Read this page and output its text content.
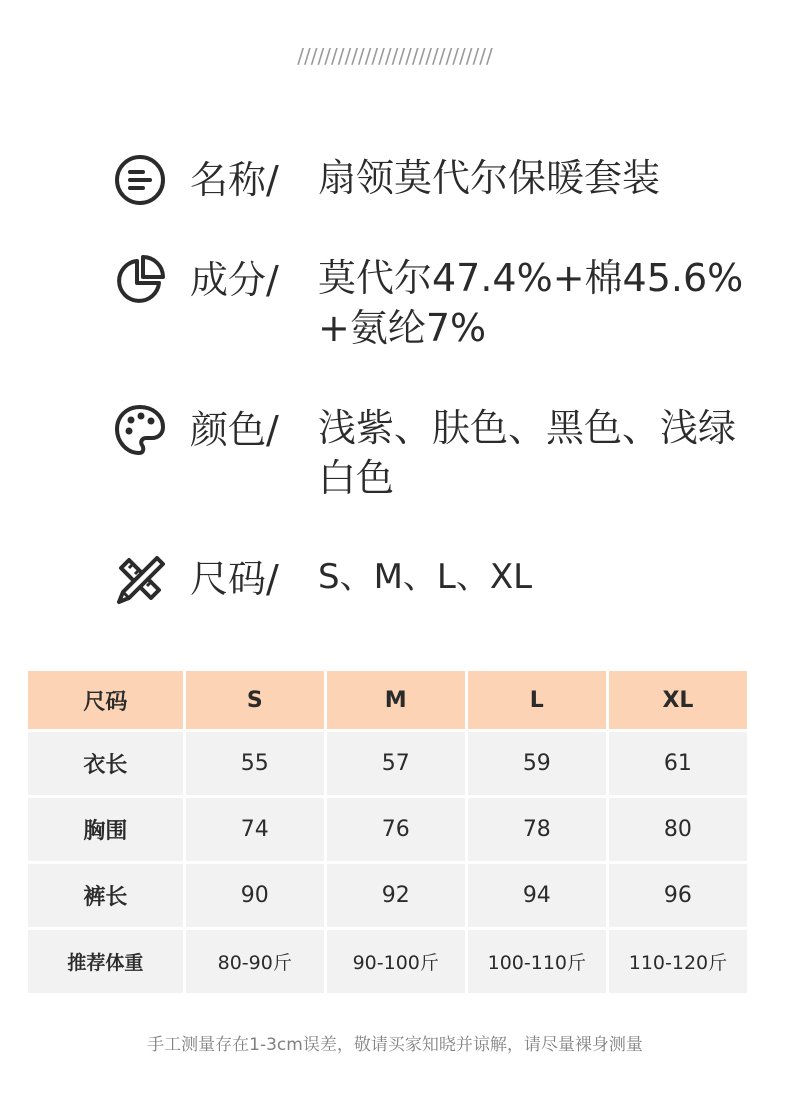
/////////////////////////////
名称/ 扇领莫代尔保暖套装
成分/ 莫代尔47.4%+棉45.6%
+氨纶7%
颜色/ 浅紫、肤色、黑色、浅绿
白色
尺码/ S、M、L、XL
尺码	S	M	L	XL
衣长	55	57	59	61
胸围	74	76	78	80
裤长	90	92	94	96
推荐体重	80-90斤	90-100斤	100-110斤	110-120斤
手工测量存在1-3cm误差，敬请买家知晓并谅解，请尽量裸身测量
